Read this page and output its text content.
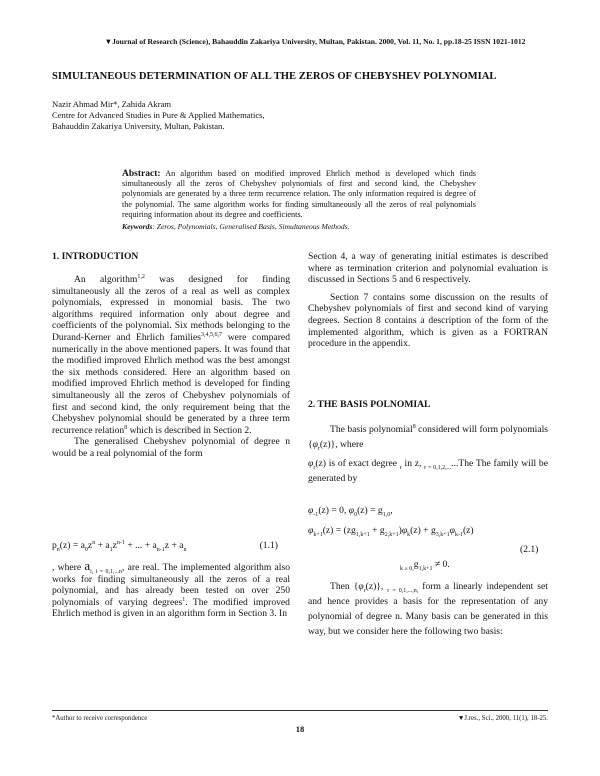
▼Journal of Research (Science), Bahauddin Zakariya University, Multan, Pakistan. 2000, Vol. 11, No. 1, pp.18-25 ISSN 1021-1012
SIMULTANEOUS DETERMINATION OF ALL THE ZEROS OF CHEBYSHEV POLYNOMIAL
Nazir Ahmad Mir*, Zahida Akram
Centre for Advanced Studies in Pure & Applied Mathematics,
Bahauddin Zakariya University, Multan, Pakistan.
Abstract: An algorithm based on modified improved Ehrlich method is developed which finds simultaneously all the zeros of Chebyshev polynomials of first and second kind, the Chebyshev polynomials are generated by a three term recurrence relation. The only information required is degree of the polynomial. The same algorithm works for finding simultaneously all the zeros of real polynomials requiring information about its degree and coefficients.
Keywords: Zeros, Polynomials, Generalised Basis, Simultaneous Methods.
1. INTRODUCTION

An algorithm$^{1,2}$ was designed for finding simultaneously all the zeros of a real as well as complex polynomials, expressed in monomial basis. The two algorithms required information only about degree and coefficients of the polynomial. Six methods belonging to the Durand-Kerner and Ehrlich families$^{3,4,5,6,7}$ were compared numerically in the above mentioned papers. It was found that the modified improved Ehrlich method was the best amongst the six methods considered. Here an algorithm based on modified improved Ehrlich method is developed for finding simultaneously all the zeros of Chebyshev polynomials of first and second kind, the only requirement being that the Chebyshev polynomial should be generated by a three term recurrence relation$^8$ which is described in Section 2.

The generalised Chebyshev polynomial of degree n would be a real polynomial of the form

$p_n(z) = a_0z^n + a_1z^{n-1}$ + ... + $a_{n-1}z + a_n$	(1.1)

, where $a_{i, i = 0,1,...n}$, are real. The implemented algorithm also works for finding simultaneously all the zeros of a real polynomial, and has already been tested on over 250 polynomials of varying degrees$^1$. The modified improved Ehrlich method is given in an algorithm form in Section 3. In

Section 4, a way of generating initial estimates is described where as termination criterion and polynomial evaluation is discussed in Sections 5 and 6 respectively.

Section 7 contains some discussion on the results of Chebyshev polynomials of first and second kind of varying degrees. Section 8 contains a description of the form of the implemented algorithm, which is given as a FORTRAN procedure in the appendix.

2. THE BASIS POLNOMIAL

The basis polynomial$^8$ considered will form polynomials $\{\varphi_r(z)\}$, where

$\varphi_r(z)$ is of exact degree $_r$ in z, $_{r = 0,1,2,...}$...The The family will be generated by

$\varphi_{-1}(z) = 0$, $\varphi_0(z) = g_{1,0}$,
$\varphi_{k+1}(z) = (zg_{1,k+1} + g_{2,k+1})\varphi_k(z) + g_{3,k+1}\varphi_{k-1}(z)$
(2.1)
$_{k \ge 0,}g_{1,k+1} \ne 0$.

Then $\{\varphi_r(z)\}$, $_{r = 0,1,...,n,}$ form a linearly independent set and hence provides a basis for the representation of any polynomial of degree n. Many basis can be generated in this way, but we consider here the following two basis:

*Author to receive correspondence	▼J.res., Sci., 2000, 11(1), 18-25.
18
